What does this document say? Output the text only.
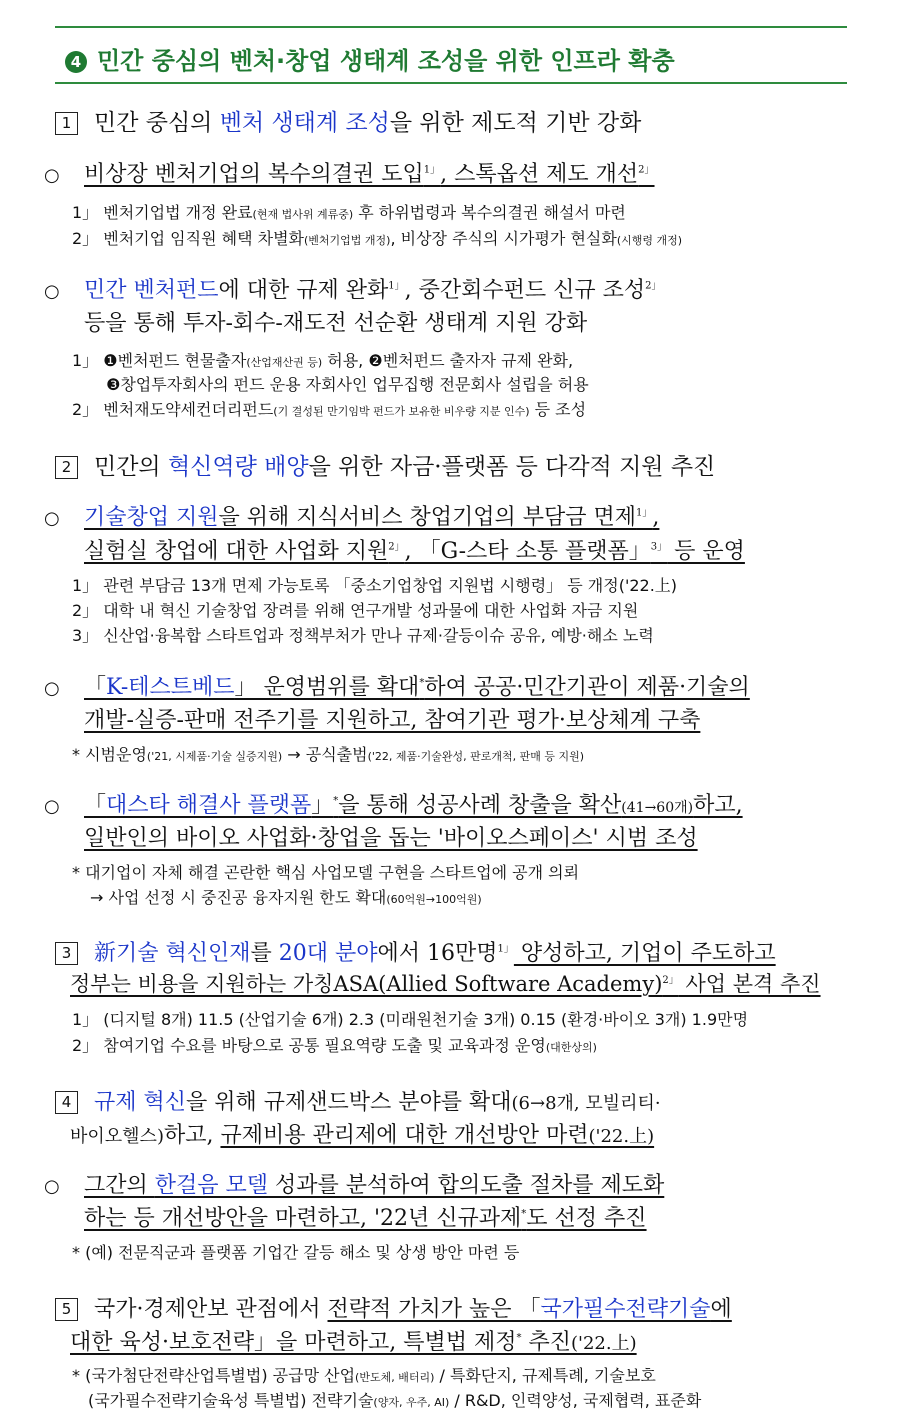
4 민간 중심의 벤처·창업 생태계 조성을 위한 인프라 확충
1 민간 중심의 벤처 생태계 조성을 위한 제도적 기반 강화
○ 비상장 벤처기업의 복수의결권 도입$^{1」}$, 스톡옵션 제도 개선$^{2」}$
1」 벤처기업법 개정 완료(현재 법사위 계류중) 후 하위법령과 복수의결권 해설서 마련
2」 벤처기업 임직원 혜택 차별화(벤처기업법 개정), 비상장 주식의 시가평가 현실화(시행령 개정)
○ 민간 벤처펀드에 대한 규제 완화$^{1」}$, 중간회수펀드 신규 조성$^{2」}$
등을 통해 투자-회수-재도전 선순환 생태계 지원 강화
1」 ❶벤처펀드 현물출자(산업재산권 등) 허용, ❷벤처펀드 출자자 규제 완화,
❸창업투자회사의 펀드 운용 자회사인 업무집행 전문회사 설립을 허용
2」 벤처재도약세컨더리펀드(기 결성된 만기임박 펀드가 보유한 비우량 지분 인수) 등 조성
2 민간의 혁신역량 배양을 위한 자금·플랫폼 등 다각적 지원 추진
○ 기술창업 지원을 위해 지식서비스 창업기업의 부담금 면제$^{1」}$,
실험실 창업에 대한 사업화 지원$^{2」}$, 「G-스타 소통 플랫폼」$^{3」}$ 등 운영
1」 관련 부담금 13개 면제 가능토록 「중소기업창업 지원법 시행령」 등 개정('22.上)
2」 대학 내 혁신 기술창업 장려를 위해 연구개발 성과물에 대한 사업화 자금 지원
3」 신산업·융복합 스타트업과 정책부처가 만나 규제·갈등이슈 공유, 예방·해소 노력
○ 「K-테스트베드」 운영범위를 확대*하여 공공·민간기관이 제품·기술의
개발-실증-판매 전주기를 지원하고, 참여기관 평가·보상체계 구축
* 시범운영('21, 시제품·기술 실증지원) → 공식출범('22, 제품·기술완성, 판로개척, 판매 등 지원)
○ 「대스타 해결사 플랫폼」*을 통해 성공사례 창출을 확산(41→60개)하고,
일반인의 바이오 사업화·창업을 돕는 '바이오스페이스' 시범 조성
* 대기업이 자체 해결 곤란한 핵심 사업모델 구현을 스타트업에 공개 의뢰
→ 사업 선정 시 중진공 융자지원 한도 확대(60억원→100억원)
3 新기술 혁신인재를 20대 분야에서 16만명$^{1」}$ 양성하고, 기업이 주도하고
정부는 비용을 지원하는 가칭ASA(Allied Software Academy)$^{2」}$ 사업 본격 추진
1」 (디지털 8개) 11.5 (산업기술 6개) 2.3 (미래원천기술 3개) 0.15 (환경·바이오 3개) 1.9만명
2」 참여기업 수요를 바탕으로 공통 필요역량 도출 및 교육과정 운영(대한상의)
4 규제 혁신을 위해 규제샌드박스 분야를 확대(6→8개, 모빌리티·
바이오헬스)하고, 규제비용 관리제에 대한 개선방안 마련('22.上)
○ 그간의 한걸음 모델 성과를 분석하여 합의도출 절차를 제도화
하는 등 개선방안을 마련하고, '22년 신규과제*도 선정 추진
* (예) 전문직군과 플랫폼 기업간 갈등 해소 및 상생 방안 마련 등
5 국가·경제안보 관점에서 전략적 가치가 높은 「국가필수전략기술에
대한 육성·보호전략」을 마련하고, 특별법 제정* 추진('22.上)
* (국가첨단전략산업특별법) 공급망 산업(반도체, 배터리) / 특화단지, 규제특례, 기술보호
(국가필수전략기술육성 특별법) 전략기술(양자, 우주, AI) / R&D, 인력양성, 국제협력, 표준화
